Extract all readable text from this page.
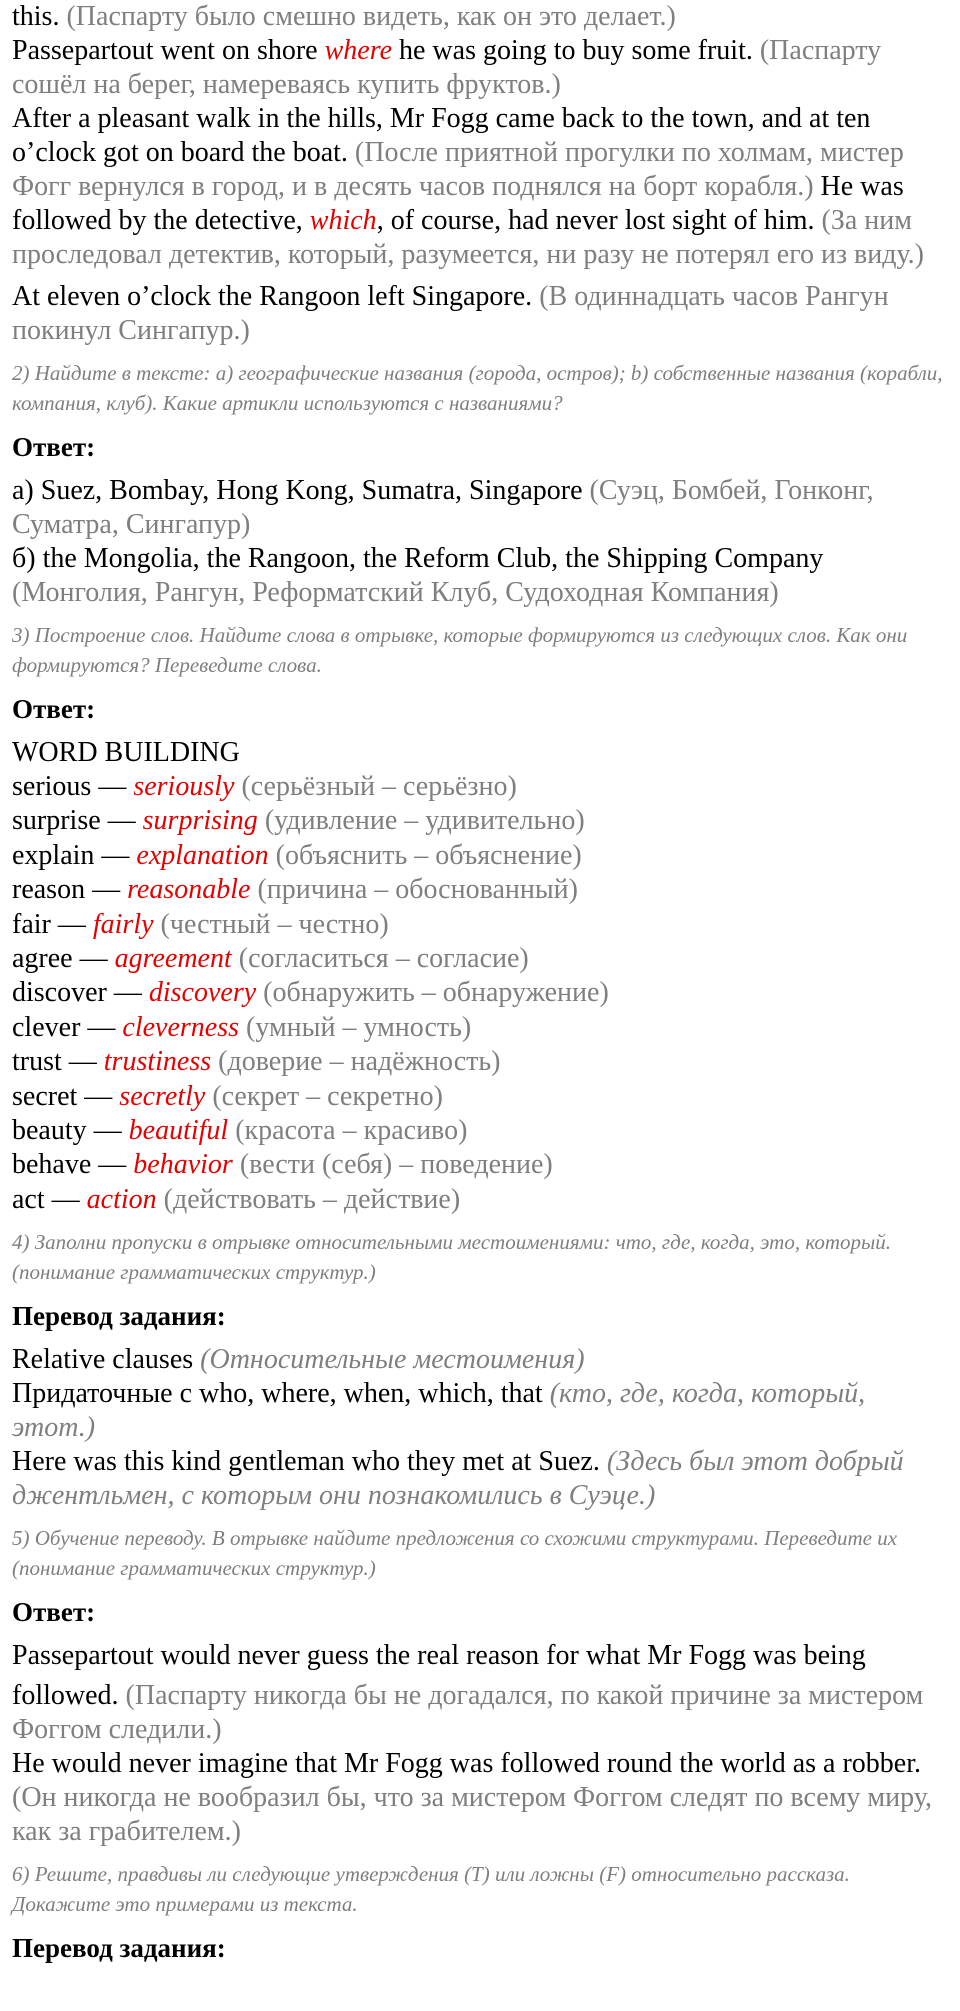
this. (Паспарту было смешно видеть, как он это делает.)
Passepartout went on shore where he was going to buy some fruit. (Паспарту сошёл на берег, намереваясь купить фруктов.)
After a pleasant walk in the hills, Mr Fogg came back to the town, and at ten o’clock got on board the boat. (После приятной прогулки по холмам, мистер Фогг вернулся в город, и в десять часов поднялся на борт корабля.) He was followed by the detective, which, of course, had never lost sight of him. (За ним проследовал детектив, который, разумеется, ни разу не потерял его из виду.)
At eleven o’clock the Rangoon left Singapore. (В одиннадцать часов Рангун покинул Сингапур.)
2) Найдите в тексте: a) географические названия (города, остров); b) собственные названия (корабли, компания, клуб). Какие артикли используются с названиями?
Ответ:
а) Suez, Bombay, Hong Kong, Sumatra, Singapore (Суэц, Бомбей, Гонконг, Суматра, Сингапур)
б) the Mongolia, the Rangoon, the Reform Club, the Shipping Company (Монголия, Рангун, Реформатский Клуб, Судоходная Компания)
3) Построение слов. Найдите слова в отрывке, которые формируются из следующих слов. Как они формируются? Переведите слова.
Ответ:
WORD BUILDING
serious — seriously (серьёзный – серьёзно)
surprise — surprising (удивление – удивительно)
explain — explanation (объяснить – объяснение)
reason — reasonable (причина – обоснованный)
fair — fairly (честный – честно)
agree — agreement (согласиться – согласие)
discover — discovery (обнаружить – обнаружение)
clever — cleverness (умный – умность)
trust — trustiness (доверие – надёжность)
secret — secretly (секрет – секретно)
beauty — beautiful (красота – красиво)
behave — behavior (вести (себя) – поведение)
act — action (действовать – действие)
4) Заполни пропуски в отрывке относительными местоимениями: что, где, когда, это, который. (понимание грамматических структур.)
Перевод задания:
Relative clauses (Относительные местоимения)
Придаточные с who, where, when, which, that (кто, где, когда, который, этот.)
Here was this kind gentleman who they met at Suez. (Здесь был этот добрый джентльмен, с которым они познакомились в Суэце.)
5) Обучение переводу. В отрывке найдите предложения со схожими структурами. Переведите их (понимание грамматических структур.)
Ответ:
Passepartout would never guess the real reason for what Mr Fogg was being
followed. (Паспарту никогда бы не догадался, по какой причине за мистером Фоггом следили.)
He would never imagine that Mr Fogg was followed round the world as a robber. (Он никогда не вообразил бы, что за мистером Фоггом следят по всему миру, как за грабителем.)
6) Решите, правдивы ли следующие утверждения (T) или ложны (F) относительно рассказа. Докажите это примерами из текста.
Перевод задания:
